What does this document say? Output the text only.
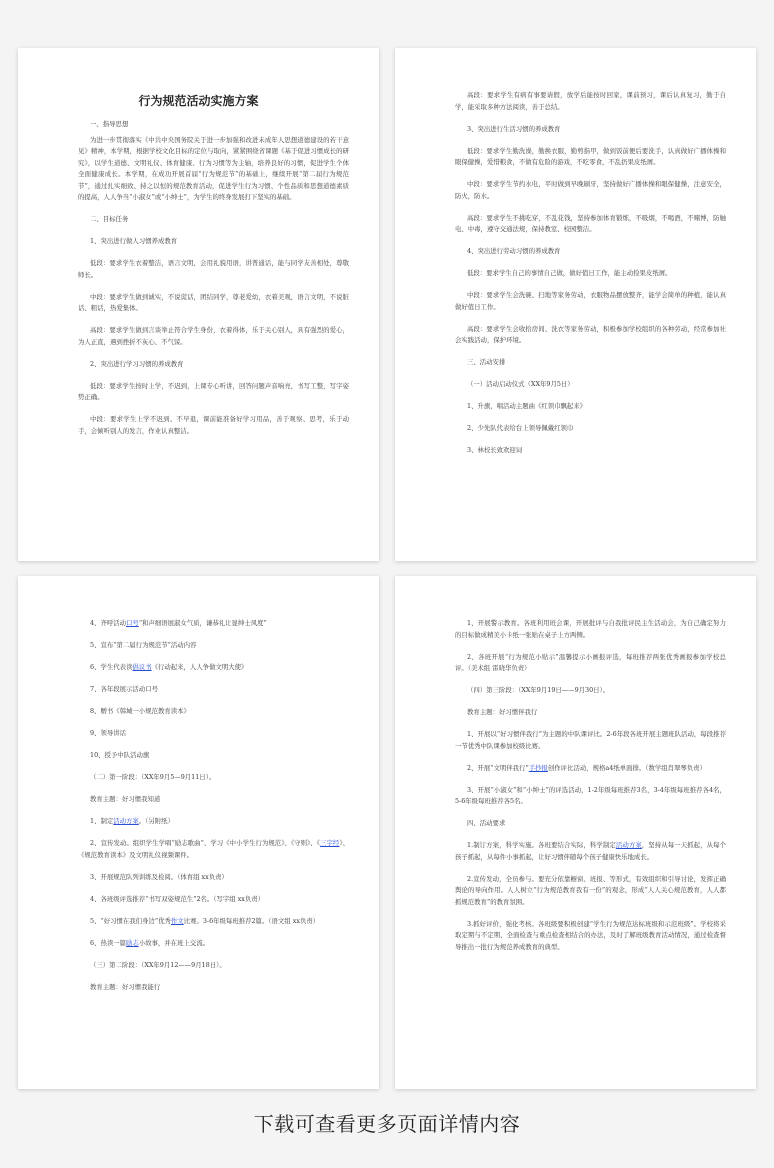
行为规范活动实施方案
一、指导思想
为进一步贯彻落实《中共中央国务院关于进一步加强和改进未成年人思想道德建设的若干意见》精神，本学期，根据学校文化目标的定位与取向，紧紧围绕省课题《基于促进习惯成长的研究》，以学生道德、文明礼仪、体育健康、行为习惯等为主轴，培养良好的习惯，促进学生个体全面健康成长。本学期，在成功开展首届“行为规范节”的基础上，继续开展“第二届行为规范节”，通过扎实细致、持之以恒的规范教育活动，促进学生行为习惯、个性品质和思想道德素质的提高，人人争当“小淑女”或“小绅士”，为学生的终身发展打下坚实的基础。
二、目标任务
1、突出进行做人习惯养成教育
低段：要求学生衣着整洁，语言文明，会用礼貌用语，讲普通话，能与同学友善相处，尊敬师长。
中段：要求学生做到诚实，不说谎话，团结同学，尊老爱幼，衣着美观，语言文明，不说脏话、粗话，热爱集体。
高段：要求学生做到言谈举止符合学生身份，衣着得体，乐于关心别人，具有强烈的爱心，为人正直，遇到挫折不灰心、不气馁。
2、突出进行学习习惯的养成教育
低段：要求学生按时上学，不迟到，上课专心听讲，回答问题声音响亮，书写工整，写字姿势正确。
中段：要求学生上学不迟到、不早退，课前能准备好学习用品，善于观察、思考，乐于动手，会倾听别人的发言，作业认真整洁。
高段：要求学生有病有事要请假，放学后能按时回家，课前预习，课后认真复习，勤于自学，能采取多种方法阅读，善于总结。
3、突出进行生活习惯的养成教育
低段：要求学生勤洗澡，勤换衣服，勤剪指甲，做到饭前便后要洗手，认真做好广播体操和眼保健操，爱惜粮食，不做有危险的游戏，不吃零食，不乱扔果皮纸屑。
中段：要求学生节约水电，平时做到早晚刷牙，坚持做好广播体操和眼保健操，注意安全，防火，防水。
高段：要求学生不挑吃穿，不乱花钱，坚持参加体育锻炼，不吸烟，不喝酒，不赌博，防触电、中毒，遵守交通法规，保持教室、校园整洁。
4、突出进行劳动习惯的养成教育
低段：要求学生自己的事情自己做，做好值日工作，能主动捡果皮纸屑。
中段：要求学生会洗碗、扫地等家务劳动，衣服物品摆放整齐，能学会简单的种植，能认真做好值日工作。
高段：要求学生会收拾房间、洗衣等家务劳动，积极参加学校组织的各种劳动，经常参加社会实践活动，保护环境。
三、活动安排
（一）活动启动仪式（XX年9月5日）
1、升旗，唱活动主题曲《红领巾飘起来》
2、少先队代表给台上领导佩戴红领巾
3、林校长致欢迎词
4、齐呼活动口号“和声细语展淑女气质，谦恭礼让显绅士风度”
5、宣布“第二届行为规范节”活动内容
6、学生代表读倡议书《行动起来，人人争做文明大使》
7、各年段展示活动口号
8、赠书《韩城一小规范教育读本》
9、领导讲话
10、授予中队活动旗
（二）第一阶段：（XX年9月5—9月11日）。
教育主题：好习惯我知道
1、制定活动方案。（另附纸）
2、宣传发动。组织学生学唱“励志歌曲”、学习《中小学生行为规范》、《守则》、《三字经》、《规范教育读本》及文明礼仪视频课件。
3、开展规范队列训练及检阅。（体育组 xx负责）
4、各班级评选推荐“书写双姿规范生”2名。（写字组 xx负责）
5、“好习惯在我们身边”优秀作文比赛。3-6年级每班推荐2篇。（语文组 xx负责）
6、热读一篇励志小故事，并在班上交流。
（三）第二阶段：（XX年9月12——9月18日）。
教育主题：好习惯我能行
1、开展警示教育。各班利用班会课，开展批评与自我批评民主生活动会，为自己确定努力的目标做成精美小卡纸一张贴在桌子上方两侧。
2、各班开展“行为规范小贴示”温馨提示小画报评选，每班推荐两张优秀画报参加学校总评。（美术组 雷晓华负责）
（四）第三阶段：（XX年9月19日——9月30日）。
教育主题：好习惯伴我行
1、开展以“好习惯伴我行”为主题的中队课评比。2-6年段各班开展主题班队活动，每段推荐一节优秀中队课参加校级比赛。
2、开展“文明伴我行”手抄报创作评比活动，规格a4纸单面排。（数学组肖翠琴负责）
3、开展“小淑女”和“小绅士”的评选活动，1-2年级每班推荐3名，3-4年级每班推荐各4名，5-6年级每班推荐各5名。
四、活动要求
1.制订方案，科学实施。各班要结合实际，科学制定活动方案，坚持从每一天抓起，从每个孩子抓起，从每件小事抓起，让好习惯伴随每个孩子健康快乐地成长。
2.宣传发动，全员参与。要充分依靠橱窗、班报、等形式，有效组织和引导讨论，发挥正确舆论的导向作用。人人树立“行为规范教育我有一份”的观念，形成“人人关心规范教育，人人都抓规范教育”的教育氛围。
3.抓好评价，强化考核。各班级要积极创建“学生行为规范达标班级和示范班级”。学校将采取定期与不定期、全面检查与重点检查相结合的办法，及时了解班级教育活动情况，通过检查督导推出一批行为规范养成教育的典型。
下载可查看更多页面详情内容
